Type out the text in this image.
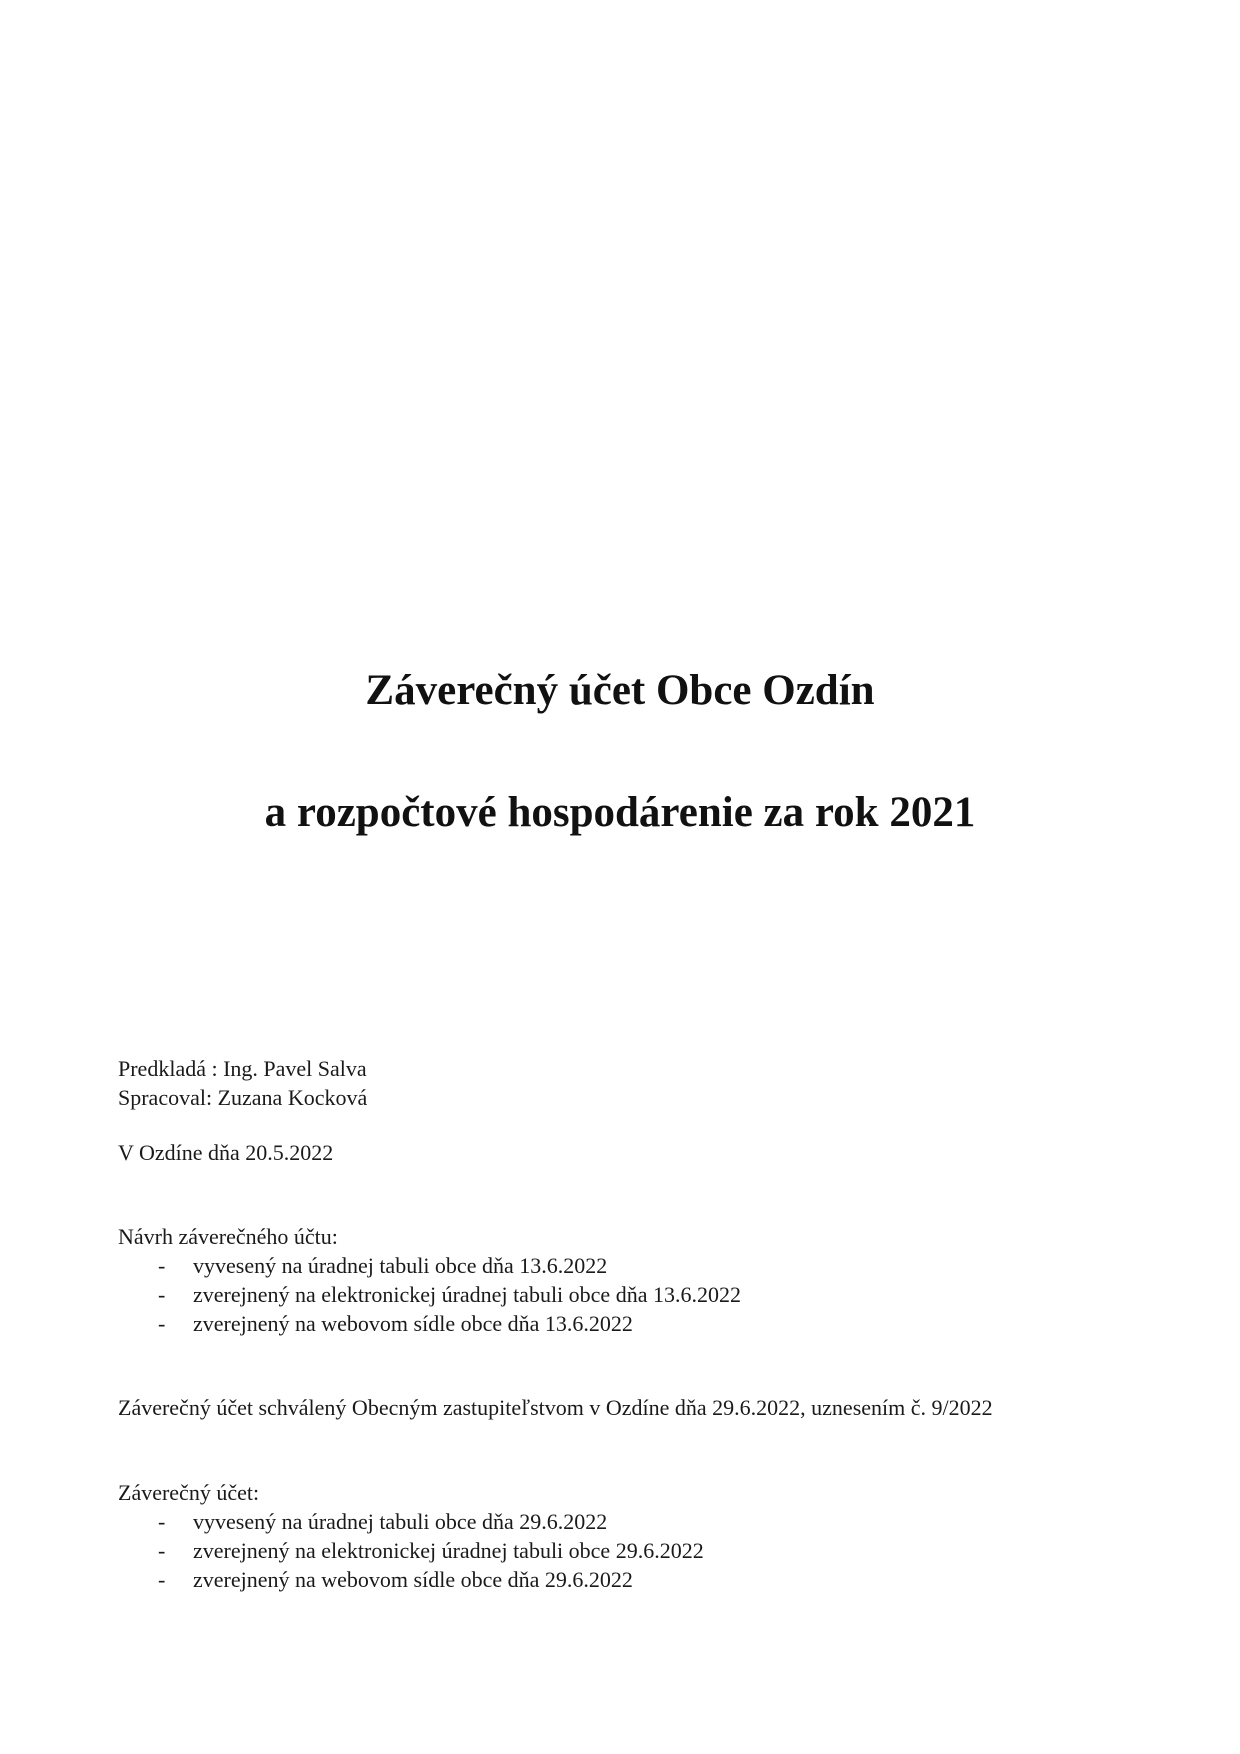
Záverečný účet Obce Ozdín
a rozpočtové hospodárenie za rok 2021
Predkladá : Ing. Pavel Salva
Spracoval: Zuzana Kocková
V Ozdíne dňa 20.5.2022
Návrh záverečného účtu:
- vyvesený na úradnej tabuli obce dňa 13.6.2022
- zverejnený na elektronickej úradnej tabuli obce dňa 13.6.2022
- zverejnený na webovom sídle obce dňa 13.6.2022
Záverečný účet schválený Obecným zastupiteľstvom v Ozdíne dňa 29.6.2022, uznesením č. 9/2022
Záverečný účet:
- vyvesený na úradnej tabuli obce dňa 29.6.2022
- zverejnený na elektronickej úradnej tabuli obce 29.6.2022
- zverejnený na webovom sídle obce dňa 29.6.2022
